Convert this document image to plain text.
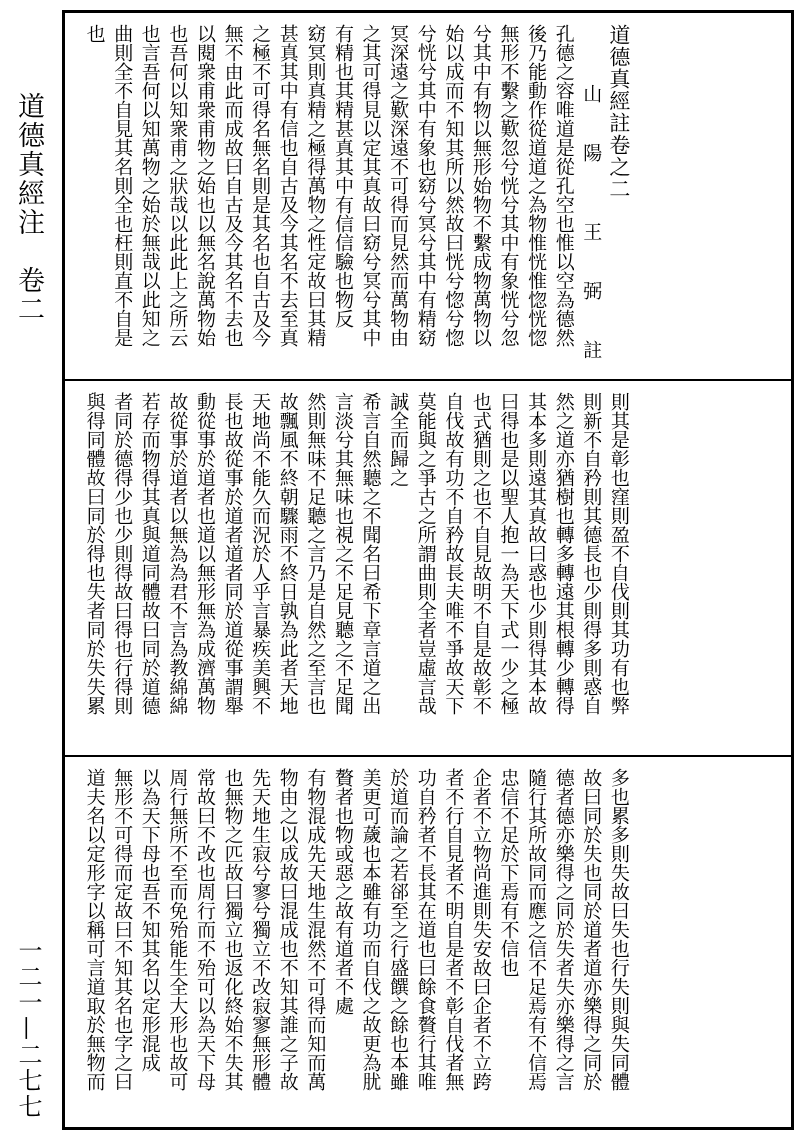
道德真經注　卷二
一二一—二七七
道德真經註卷之二
山陽王弼註
孔德之容唯道是從孔空也惟以空為德然
後乃能動作從道道之為物惟恍惟惚恍惚
無形不繫之歎忽兮恍兮其中有象恍兮忽
兮其中有物以無形始物不繫成物萬物以
始以成而不知其所以然故曰恍兮惚兮惚
兮恍兮其中有象也窈兮冥兮其中有精窈
冥深遠之歎深遠不可得而見然而萬物由
之其可得見以定其真故曰窈兮冥兮其中
有精也其精甚真其中有信信驗也物反
窈冥則真精之極得萬物之性定故曰其精
甚真其中有信也自古及今其名不去至真
之極不可得名無名則是其名也自古及今
無不由此而成故曰自古及今其名不去也
以閱衆甫衆甫物之始也以無名說萬物始
也吾何以知衆甫之狀哉以此此上之所云
也言吾何以知萬物之始於無哉以此知之
曲則全不自見其名則全也枉則直不自是
也
則其是彰也窪則盈不自伐則其功有也弊
則新不自矜則其德長也少則得多則惑自
然之道亦猶樹也轉多轉遠其根轉少轉得
其本多則遠其真故曰惑也少則得其本故
曰得也是以聖人抱一為天下式一少之極
也式猶則之也不自見故明不自是故彰不
自伐故有功不自矜故長夫唯不爭故天下
莫能與之爭古之所謂曲則全者豈虛言哉
誠全而歸之
希言自然聽之不聞名曰希下章言道之出
言淡兮其無味也視之不足見聽之不足聞
然則無味不足聽之言乃是自然之至言也
故飄風不終朝驟雨不終日孰為此者天地
天地尚不能久而況於人乎言暴疾美興不
長也故從事於道者道者同於道從事謂舉
動從事於道者也道以無形無為成濟萬物
故從事於道者以無為為君不言為教綿綿
若存而物得其真與道同體故曰同於道德
者同於德得少也少則得故曰得也行得則
與得同體故曰同於得也失者同於失失累
多也累多則失故曰失也行失則與失同體
故曰同於失也同於道者道亦樂得之同於
德者德亦樂得之同於失者失亦樂得之言
隨行其所故同而應之信不足焉有不信焉
忠信不足於下焉有不信也
企者不立物尚進則失安故曰企者不立跨
者不行自見者不明自是者不彰自伐者無
功自矜者不長其在道也曰餘食贅行其唯
於道而論之若郤至之行盛饌之餘也本雖
美更可薉也本雖有功而自伐之故更為肬
贅者也物或惡之故有道者不處
有物混成先天地生混然不可得而知而萬
物由之以成故曰混成也不知其誰之子故
先天地生寂兮寥兮獨立不改寂寥無形體
也無物之匹故曰獨立也返化終始不失其
常故曰不改也周行而不殆可以為天下母
周行無所不至而免殆能生全大形也故可
以為天下母也吾不知其名以定形混成
無形不可得而定故曰不知其名也字之曰
道夫名以定形字以稱可言道取於無物而
